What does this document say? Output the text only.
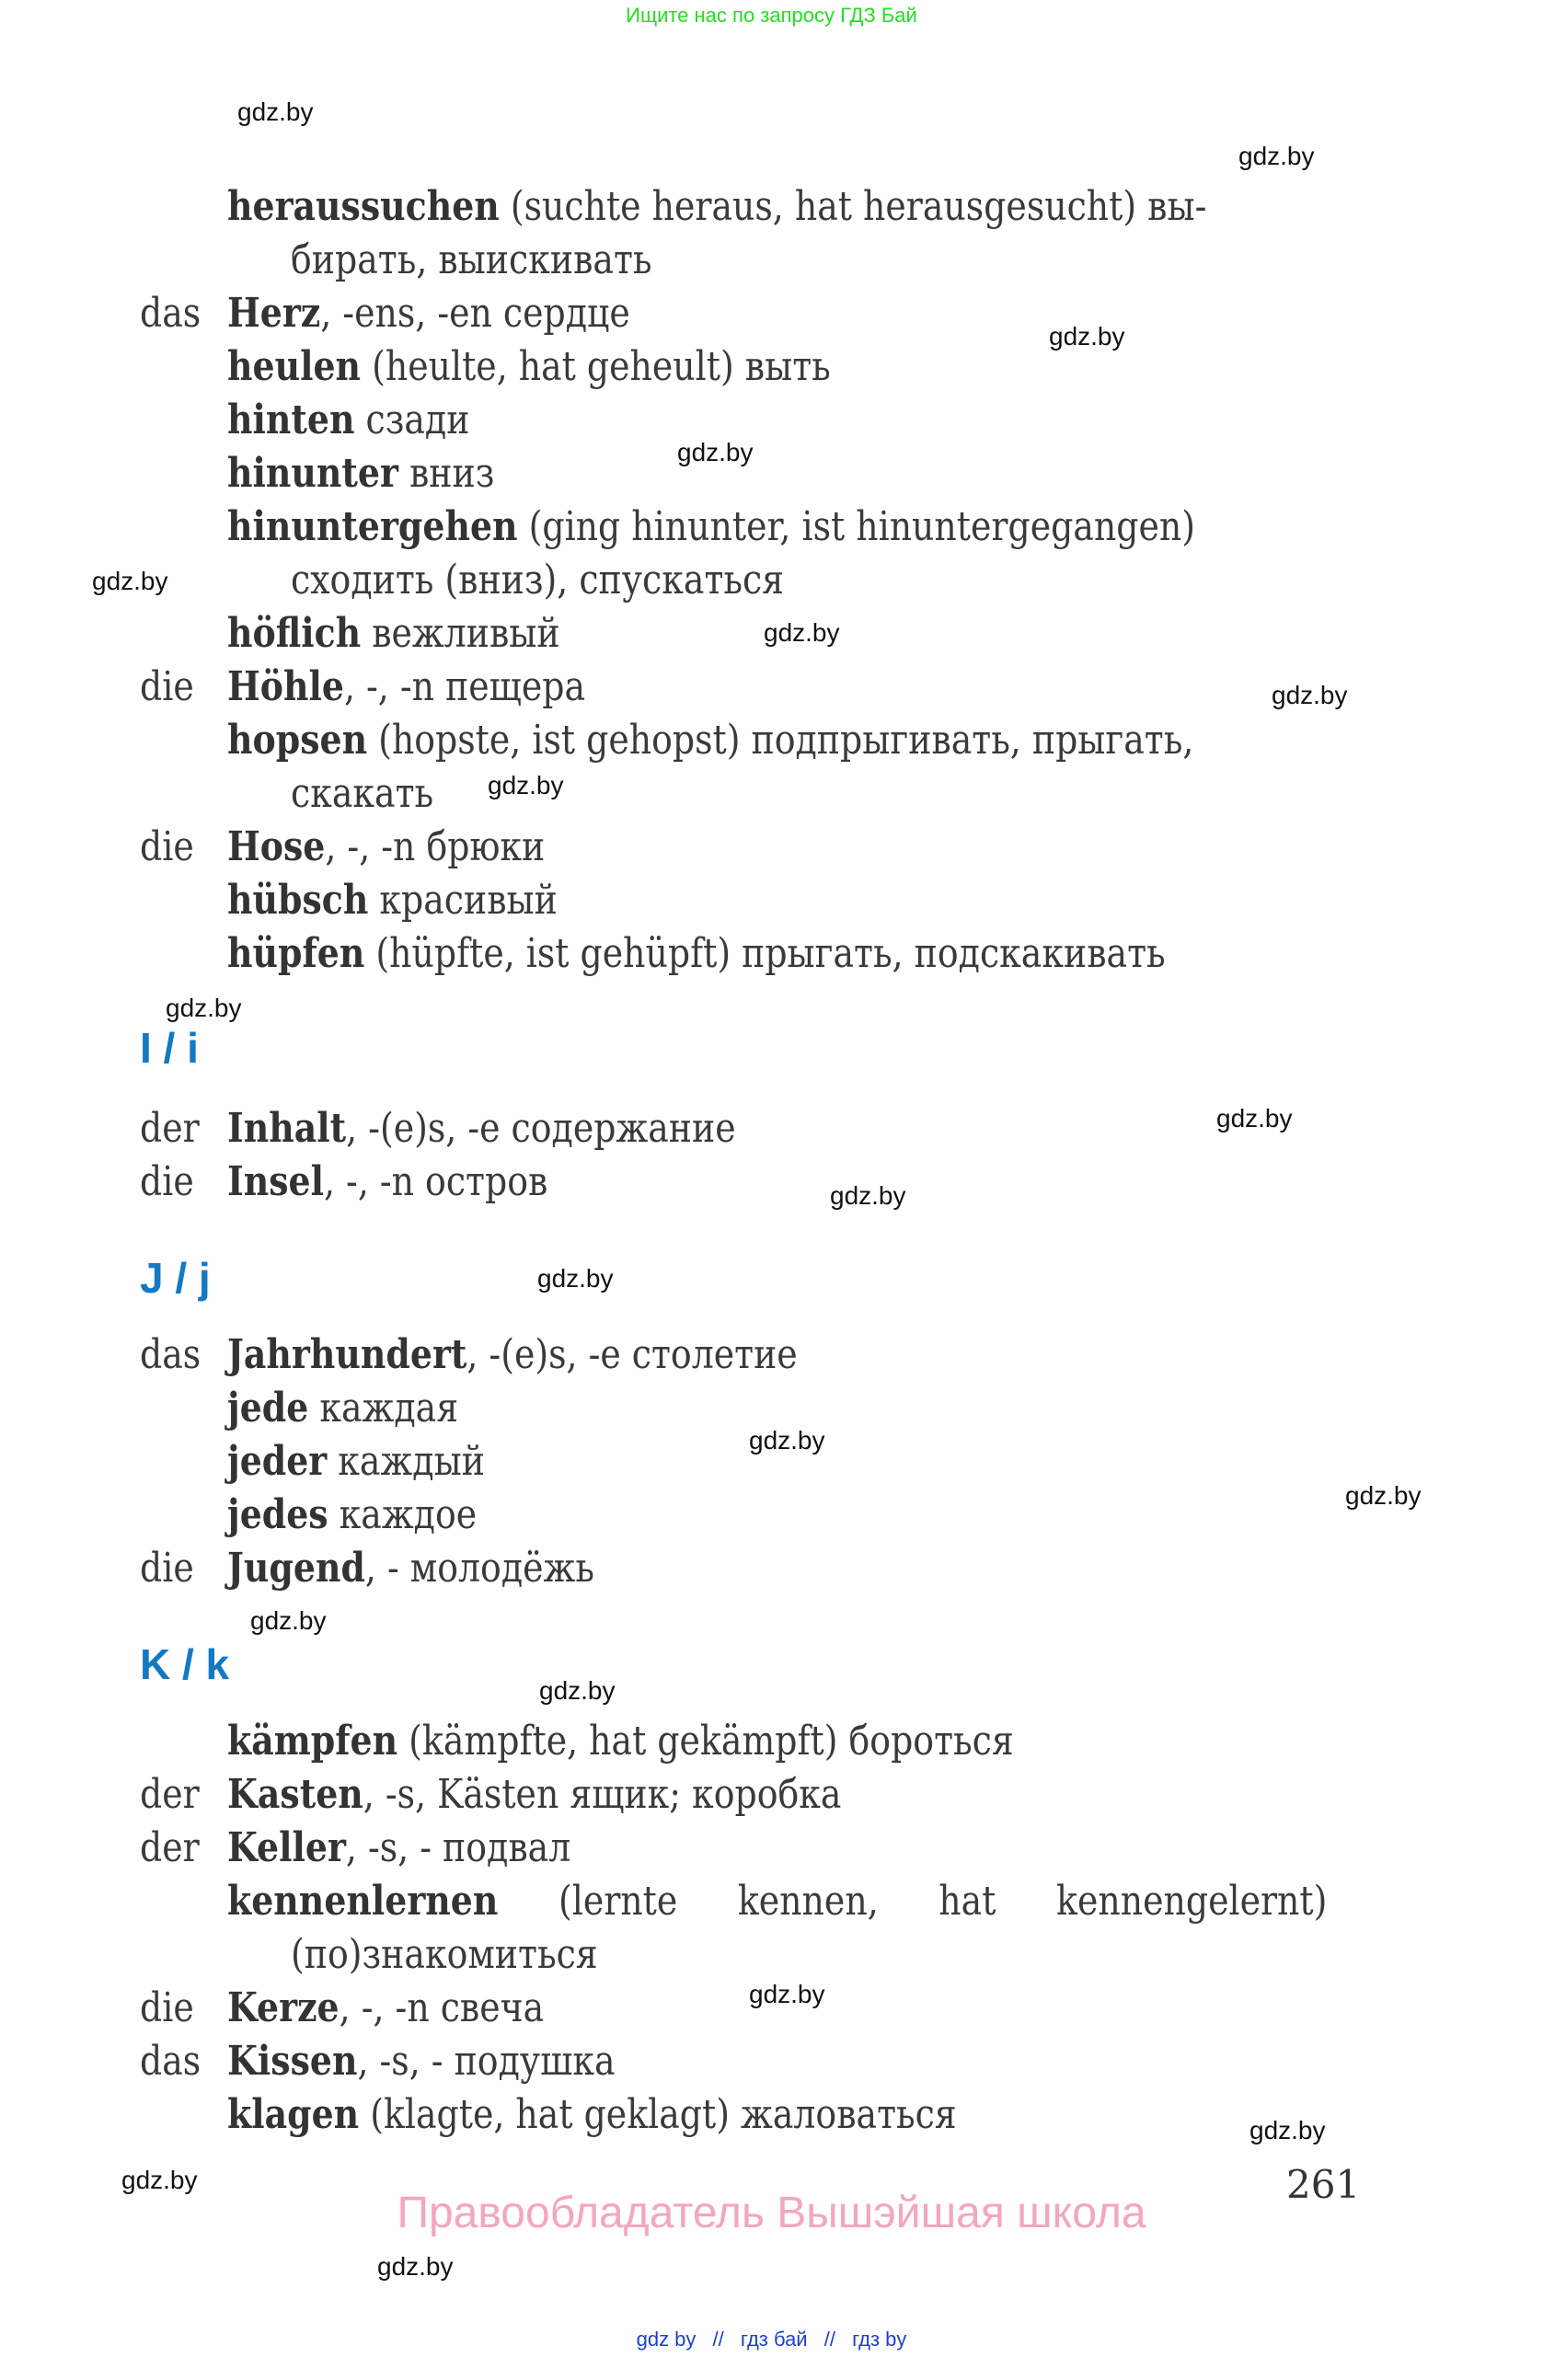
Ищите нас по запросу ГДЗ Бай
heraussuchen (suchte heraus, hat herausgesucht) вы-
бирать, выискивать
das Herz, -ens, -en сердце
heulen (heulte, hat geheult) выть
hinten сзади
hinunter вниз
hinuntergehen (ging hinunter, ist hinuntergegangen)
сходить (вниз), спускаться
höflich вежливый
die Höhle, -, -n пещера
hopsen (hopste, ist gehopst) подпрыгивать, прыгать,
скакать
die Hose, -, -n брюки
hübsch красивый
hüpfen (hüpfte, ist gehüpft) прыгать, подскакивать
I / i
der Inhalt, -(e)s, -e содержание
die Insel, -, -n остров
J / j
das Jahrhundert, -(e)s, -e столетие
jede каждая
jeder каждый
jedes каждое
die Jugend, - молодёжь
K / k
kämpfen (kämpfte, hat gekämpft) бороться
der Kasten, -s, Kästen ящик; коробка
der Keller, -s, - подвал
kennenlernen (lernte kennen, hat kennengelernt)
(по)знакомиться
die Kerze, -, -n свеча
das Kissen, -s, - подушка
klagen (klagte, hat geklagt) жаловаться
gdz.by
gdz.by
gdz.by
gdz.by
gdz.by
gdz.by
gdz.by
gdz.by
gdz.by
gdz.by
gdz.by
gdz.by
gdz.by
gdz.by
gdz.by
gdz.by
gdz.by
gdz.by
gdz.by
gdz.by
261
Правообладатель Вышэйшая школа
gdz by // гдз бай // гдз by
